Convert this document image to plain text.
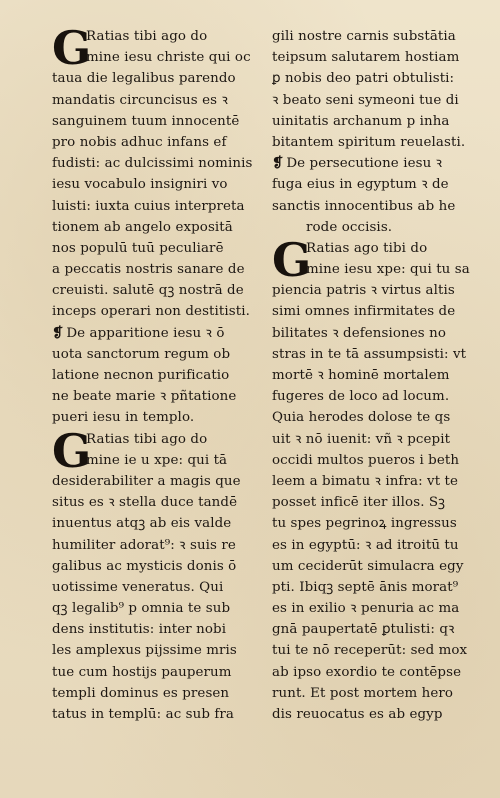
G
Ratias tibi ago do
mine iesu christe qui oc
taua die legalibus parendo
mandatis circuncisus es ꝛ
sanguinem tuum innocentē
pro nobis adhuc infans ef
fudisti: ac dulcissimi nominis
iesu vocabulo insigniri vo
luisti: iuxta cuius interpreta
tionem ab angelo expositā
nos populū tuū peculiarē
a peccatis nostris sanare de
creuisti. salutē qꝫ nostrā de
inceps operari non destitisti.
❡ De apparitione iesu ꝛ ō
uota sanctorum regum ob
latione necnon purificatio
ne beate marie ꝛ pñtatione
pueri iesu in templo.
G
Ratias tibi ago do
mine ie u xpe: qui tā
desiderabiliter a magis que
situs es ꝛ stella duce tandē
inuentus atqꝫ ab eis valde
humiliter adorat⁹: ꝛ suis re
galibus ac mysticis donis ō
uotissime veneratus. Qui
qꝫ legalib⁹ p omnia te sub
dens institutis: inter nobi
les amplexus pijssime mris
tue cum hostijs pauperum
templi dominus es presen
tatus in templū: ac sub fra
gili nostre carnis substātia
teipsum salutarem hostiam
ꝑ nobis deo patri obtulisti:
ꝛ beato seni symeoni tue di
uinitatis archanum p inha
bitantem spiritum reuelasti.
❡ De persecutione iesu ꝛ
fuga eius in egyptum ꝛ de
sanctis innocentibus ab he
rode occisis.
G
Ratias ago tibi do
mine iesu xpe: qui tu sa
piencia patris ꝛ virtus altis
simi omnes infirmitates de
bilitates ꝛ defensiones no
stras in te tā assumpsisti: vt
mortē ꝛ hominē mortalem
fugeres de loco ad locum.
Quia herodes dolose te qs
uit ꝛ nō iuenit: vñ ꝛ pcepit
occidi multos pueros i beth
leem a bimatu ꝛ infra: vt te
posset inficē iter illos. Sꝫ
tu spes pegrinoꝝ ingressus
es in egyptū: ꝛ ad itroitū tu
um ceciderūt simulacra egy
pti. Ibiqꝫ septē ānis morat⁹
es in exilio ꝛ penuria ac ma
gnā paupertatē ꝑtulisti: qꝛ
tui te nō receperūt: sed mox
ab ipso exordio te contēpse
runt. Et post mortem hero
dis reuocatus es ab egyp
